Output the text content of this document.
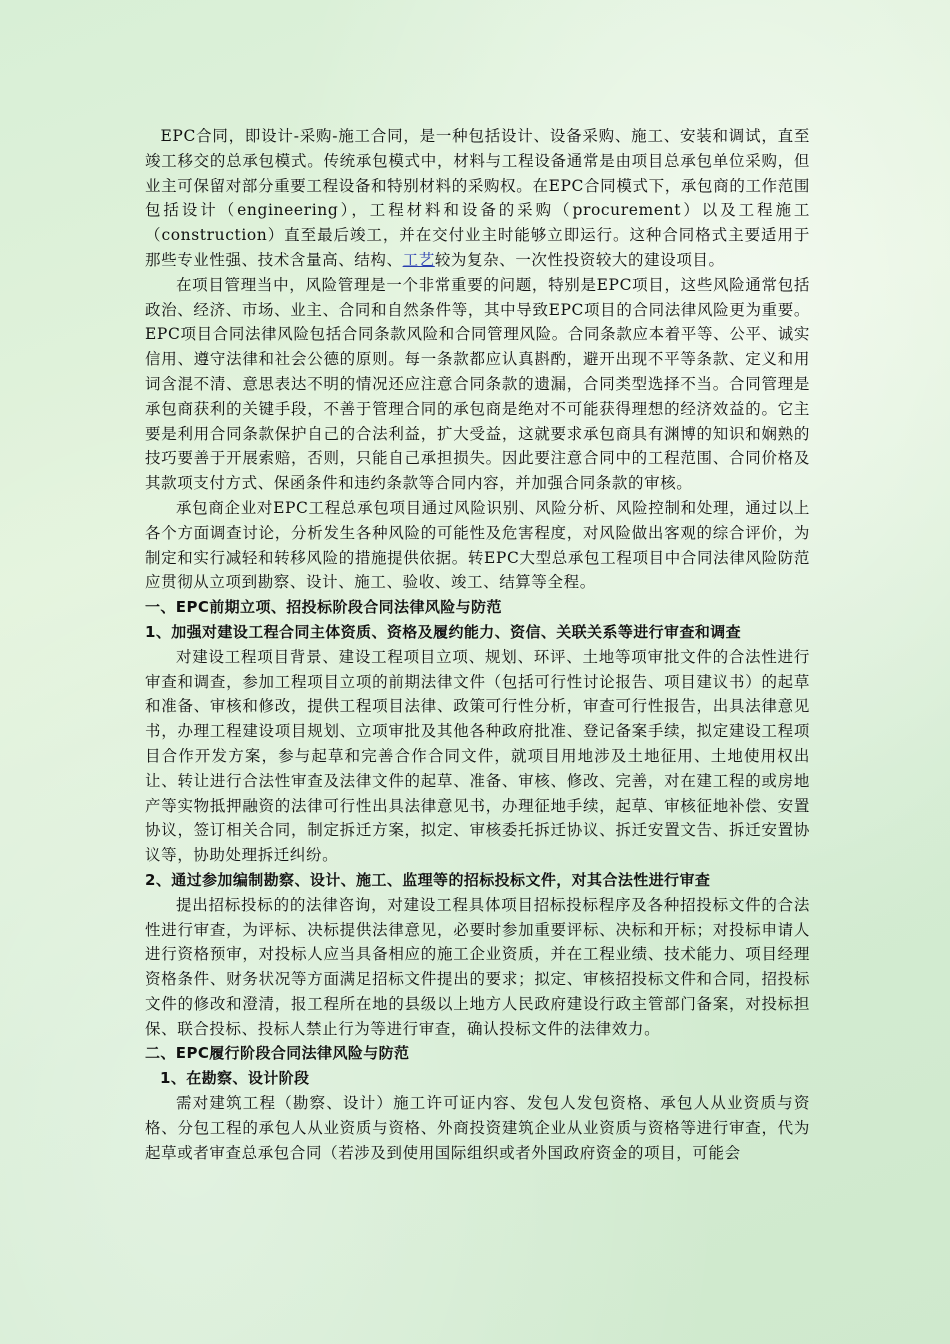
EPC合同，即设计-采购-施工合同，是一种包括设计、设备采购、施工、安装和调试，直至竣工移交的总承包模式。传统承包模式中，材料与工程设备通常是由项目总承包单位采购，但业主可保留对部分重要工程设备和特别材料的采购权。在EPC合同模式下，承包商的工作范围包括设计（engineering），工程材料和设备的采购（procurement）以及工程施工（construction）直至最后竣工，并在交付业主时能够立即运行。这种合同格式主要适用于那些专业性强、技术含量高、结构、工艺较为复杂、一次性投资较大的建设项目。

在项目管理当中，风险管理是一个非常重要的问题，特别是EPC项目，这些风险通常包括政治、经济、市场、业主、合同和自然条件等，其中导致EPC项目的合同法律风险更为重要。EPC项目合同法律风险包括合同条款风险和合同管理风险。合同条款应本着平等、公平、诚实信用、遵守法律和社会公德的原则。每一条款都应认真斟酌，避开出现不平等条款、定义和用词含混不清、意思表达不明的情况还应注意合同条款的遗漏，合同类型选择不当。合同管理是承包商获利的关键手段，不善于管理合同的承包商是绝对不可能获得理想的经济效益的。它主要是利用合同条款保护自己的合法利益，扩大受益，这就要求承包商具有渊博的知识和娴熟的技巧要善于开展索赔，否则，只能自己承担损失。因此要注意合同中的工程范围、合同价格及其款项支付方式、保函条件和违约条款等合同内容，并加强合同条款的审核。

承包商企业对EPC工程总承包项目通过风险识别、风险分析、风险控制和处理，通过以上各个方面调查讨论，分析发生各种风险的可能性及危害程度，对风险做出客观的综合评价，为制定和实行减轻和转移风险的措施提供依据。转EPC大型总承包工程项目中合同法律风险防范应贯彻从立项到勘察、设计、施工、验收、竣工、结算等全程。

一、EPC前期立项、招投标阶段合同法律风险与防范

1、加强对建设工程合同主体资质、资格及履约能力、资信、关联关系等进行审查和调查

对建设工程项目背景、建设工程项目立项、规划、环评、土地等项审批文件的合法性进行审查和调查，参加工程项目立项的前期法律文件（包括可行性讨论报告、项目建议书）的起草和准备、审核和修改，提供工程项目法律、政策可行性分析，审查可行性报告，出具法律意见书，办理工程建设项目规划、立项审批及其他各种政府批准、登记备案手续，拟定建设工程项目合作开发方案，参与起草和完善合作合同文件，就项目用地涉及土地征用、土地使用权出让、转让进行合法性审查及法律文件的起草、准备、审核、修改、完善，对在建工程的或房地产等实物抵押融资的法律可行性出具法律意见书，办理征地手续，起草、审核征地补偿、安置协议，签订相关合同，制定拆迁方案，拟定、审核委托拆迁协议、拆迁安置文告、拆迁安置协议等，协助处理拆迁纠纷。

2、通过参加编制勘察、设计、施工、监理等的招标投标文件，对其合法性进行审查

提出招标投标的的法律咨询，对建设工程具体项目招标投标程序及各种招投标文件的合法性进行审查，为评标、决标提供法律意见，必要时参加重要评标、决标和开标；对投标申请人进行资格预审，对投标人应当具备相应的施工企业资质，并在工程业绩、技术能力、项目经理资格条件、财务状况等方面满足招标文件提出的要求；拟定、审核招投标文件和合同，招投标文件的修改和澄清，报工程所在地的县级以上地方人民政府建设行政主管部门备案，对投标担保、联合投标、投标人禁止行为等进行审查，确认投标文件的法律效力。

二、EPC履行阶段合同法律风险与防范

1、在勘察、设计阶段

需对建筑工程（勘察、设计）施工许可证内容、发包人发包资格、承包人从业资质与资格、分包工程的承包人从业资质与资格、外商投资建筑企业从业资质与资格等进行审查，代为起草或者审查总承包合同（若涉及到使用国际组织或者外国政府资金的项目，可能会
